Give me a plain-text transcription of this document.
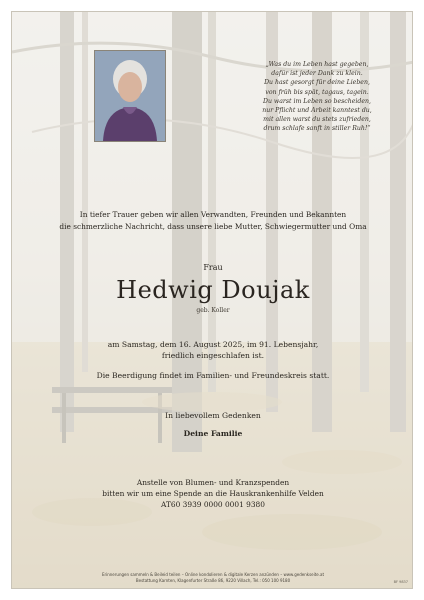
„Was du im Leben hast gegeben,
dafür ist jeder Dank zu klein.
Du hast gesorgt für deine Lieben,
von früh bis spät, tagaus, tagein.
Du warst im Leben so bescheiden,
nur Pflicht und Arbeit kanntest du,
mit allen warst du stets zufrieden,
drum schlafe sanft in stiller Ruh!“
In tiefer Trauer geben wir allen Verwandten, Freunden und Bekannten
die schmerzliche Nachricht, dass unsere liebe Mutter, Schwiegermutter und Oma
Frau
Hedwig Doujak
geb. Koller
am Samstag, dem 16. August 2025, im 91. Lebensjahr,
friedlich eingeschlafen ist.
Die Beerdigung findet im Familien- und Freundeskreis statt.
In liebevollem Gedenken
Deine Familie
Anstelle von Blumen- und Kranzspenden
bitten wir um eine Spende an die Hauskrankenhilfe Velden
AT60 3939 0000 0001 9380
Erinnerungen sammeln & Beileid teilen – Online kondolieren & digitale Kerzen anzünden – www.gedenkseite.at
Bestattung Karnten, Klagenfurter Straße 86, 9220 Villach, Tel.: 050 100 9180	BF 9837
